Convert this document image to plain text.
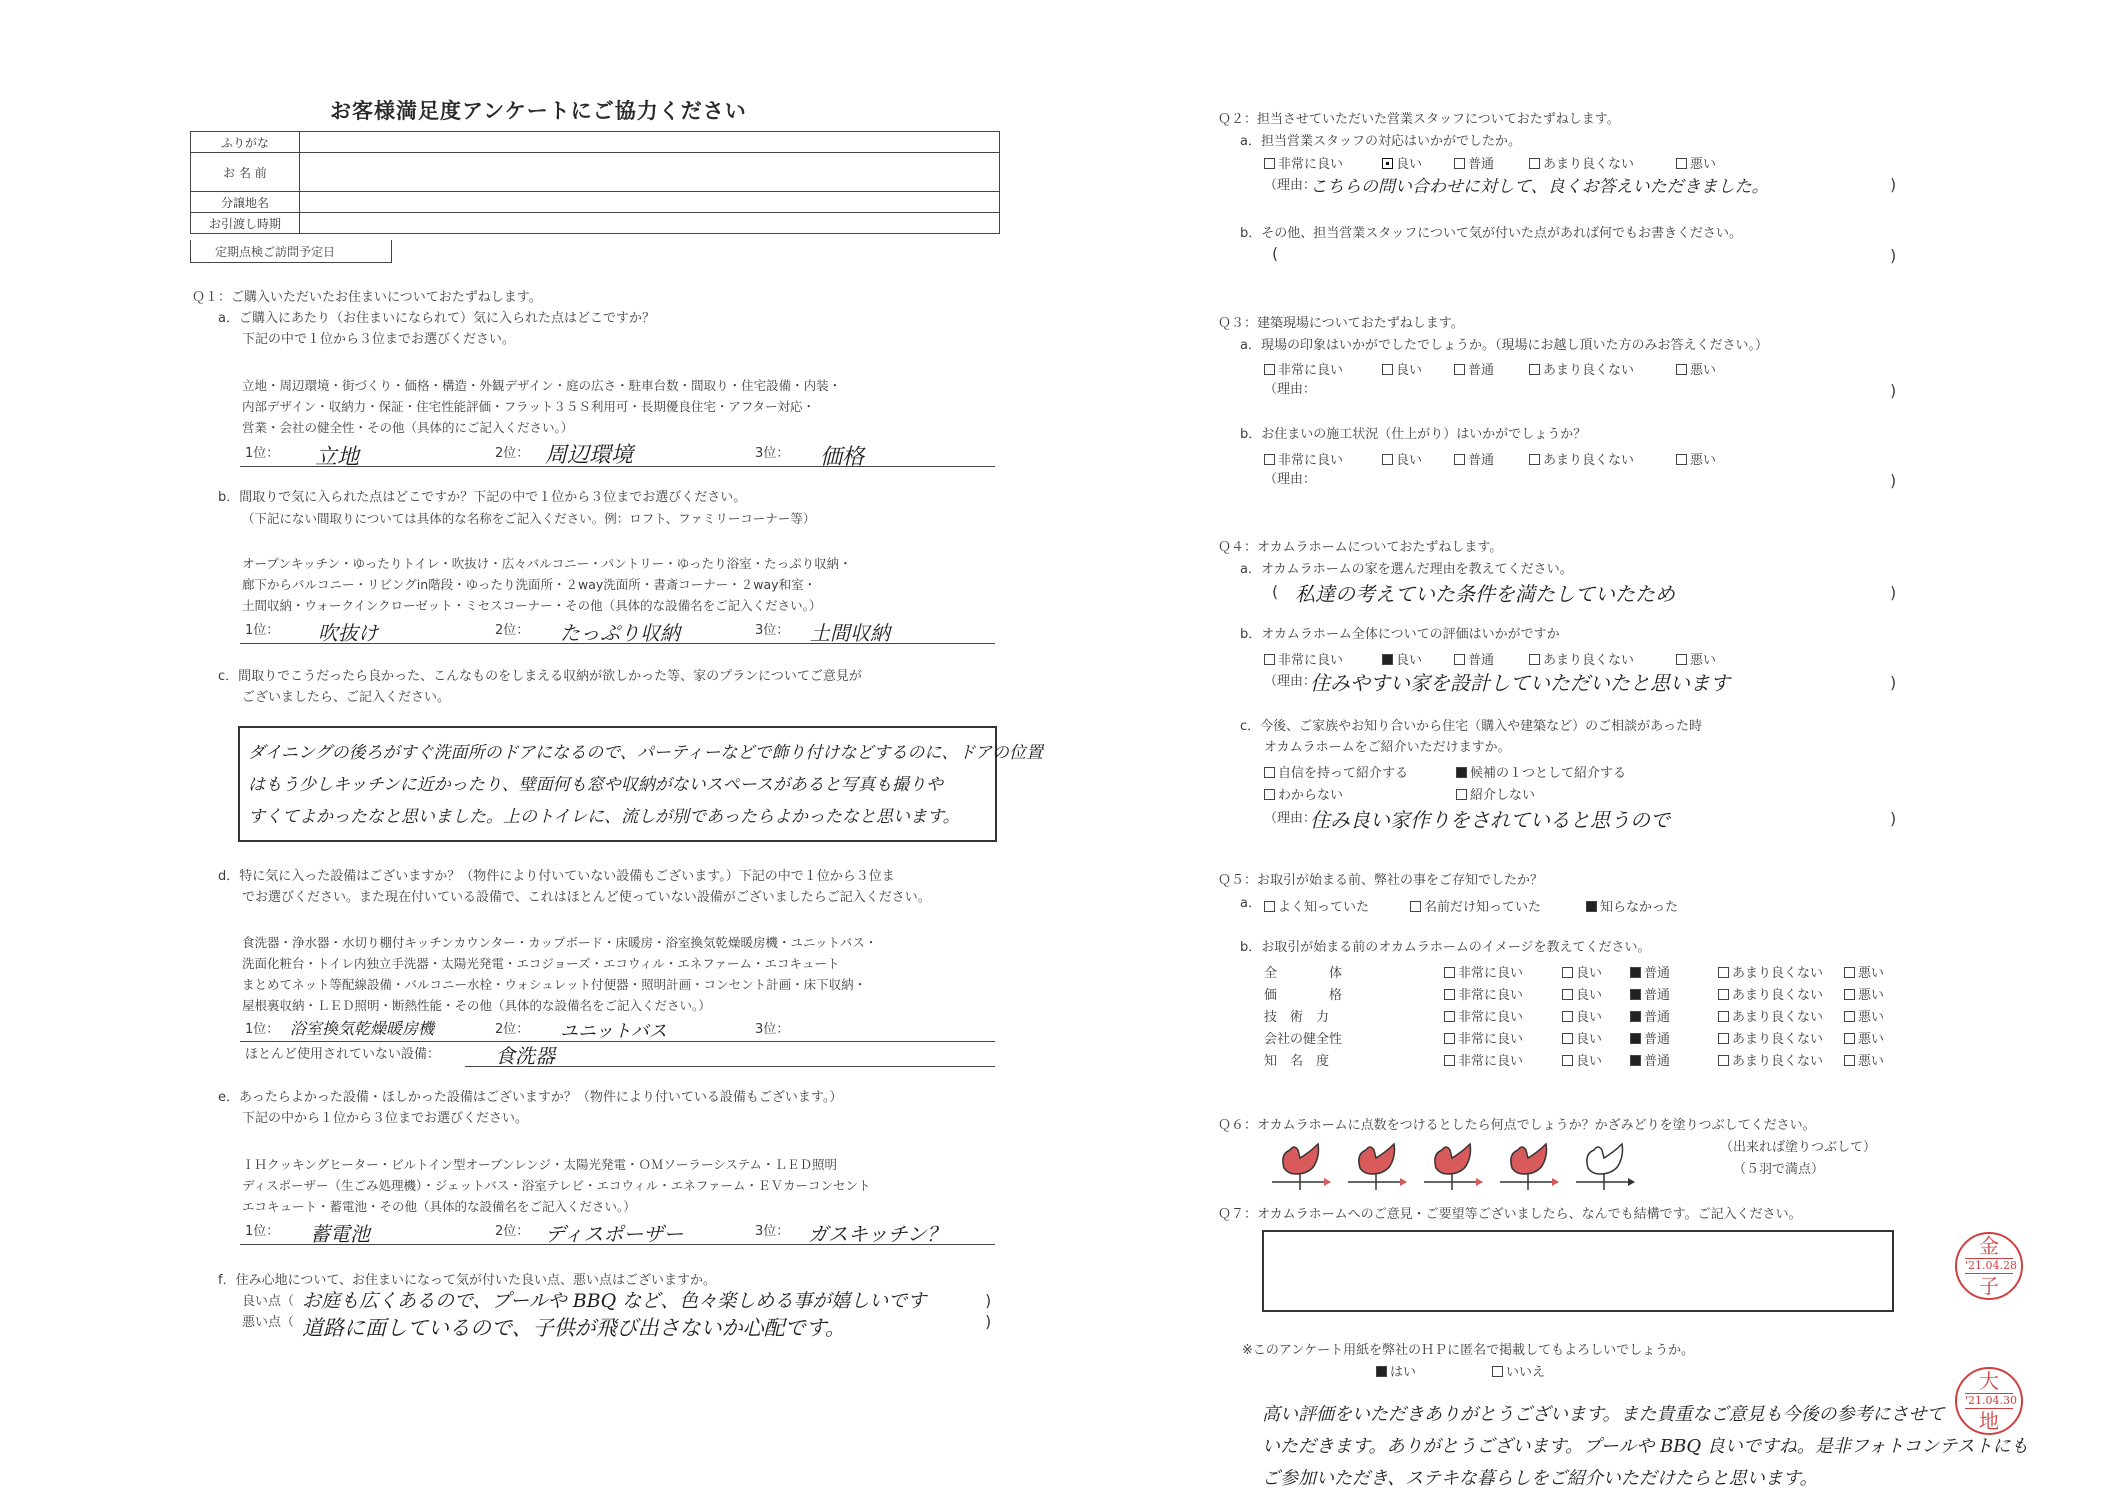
お客様満足度アンケートにご協力ください
ふりがな	
お 名 前	
分譲地名	
お引渡し時期	
定期点検ご訪問予定日
Ｑ１：ご購入いただいたお住まいについておたずねします。
a．ご購入にあたり（お住まいになられて）気に入られた点はどこですか？
下記の中で１位から３位までお選びください。
立地・周辺環境・街づくり・価格・構造・外観デザイン・庭の広さ・駐車台数・間取り・住宅設備・内装・
内部デザイン・収納力・保証・住宅性能評価・フラット３５Ｓ利用可・長期優良住宅・アフター対応・
営業・会社の健全性・その他（具体的にご記入ください。）
1位： 立地	2位： 周辺環境	3位： 価格
b．間取りで気に入られた点はどこですか？下記の中で１位から３位までお選びください。
（下記にない間取りについては具体的な名称をご記入ください。例：ロフト、ファミリーコーナー等）
オープンキッチン・ゆったりトイレ・吹抜け・広々バルコニー・パントリー・ゆったり浴室・たっぷり収納・
廊下からバルコニー・リビングin階段・ゆったり洗面所・２way洗面所・書斎コーナー・２way和室・
土間収納・ウォークインクローゼット・ミセスコーナー・その他（具体的な設備名をご記入ください。）
1位： 吹抜け	2位： たっぷり収納	3位： 土間収納
c．間取りでこうだったら良かった、こんなものをしまえる収納が欲しかった等、家のプランについてご意見が
ございましたら、ご記入ください。
ダイニングの後ろがすぐ洗面所のドアになるので、パーティーなどで飾り付けなどするのに、ドアの位置
はもう少しキッチンに近かったり、壁面何も窓や収納がないスペースがあると写真も撮りや
すくてよかったなと思いました。上のトイレに、流しが別であったらよかったなと思います。
d．特に気に入った設備はございますか？（物件により付いていない設備もございます。）下記の中で１位から３位ま
でお選びください。また現在付いている設備で、これはほとんど使っていない設備がございましたらご記入ください。
食洗器・浄水器・水切り棚付キッチンカウンター・カップボード・床暖房・浴室換気乾燥暖房機・ユニットバス・
洗面化粧台・トイレ内独立手洗器・太陽光発電・エコジョーズ・エコウィル・エネファーム・エコキュート
まとめてネット等配線設備・バルコニー水栓・ウォシュレット付便器・照明計画・コンセント計画・床下収納・
屋根裏収納・ＬＥＤ照明・断熱性能・その他（具体的な設備名をご記入ください。）
1位： 浴室換気乾燥暖房機	2位： ユニットバス	3位：
ほとんど使用されていない設備：	食洗器
e．あったらよかった設備・ほしかった設備はございますか？（物件により付いている設備もございます。）
下記の中から１位から３位までお選びください。
ＩＨクッキングヒーター・ビルトイン型オーブンレンジ・太陽光発電・ＯＭソーラーシステム・ＬＥＤ照明
ディスポーザー（生ごみ処理機）・ジェットバス・浴室テレビ・エコウィル・エネファーム・ＥＶカーコンセント
エコキュート・蓄電池・その他（具体的な設備名をご記入ください。）
1位： 蓄電池	2位： ディスポーザー	3位： ガスキッチン？
f．住み心地について、お住まいになって気が付いた良い点、悪い点はございますか。
良い点（ お庭も広くあるので、プールや BBQ など、色々楽しめる事が嬉しいです	)
悪い点（ 道路に面しているので、子供が飛び出さないか心配です。	)
Ｑ２：担当させていただいた営業スタッフについておたずねします。
a．担当営業スタッフの対応はいかがでしたか。
非常に良い	良い	普通	あまり良くない	悪い
（理由：
こちらの問い合わせに対して、良くお答えいただきました。	)
b．その他、担当営業スタッフについて気が付いた点があれば何でもお書きください。
(	)
Ｑ３：建築現場についておたずねします。
a．現場の印象はいかがでしたでしょうか。（現場にお越し頂いた方のみお答えください。）
非常に良い	良い	普通	あまり良くない	悪い
（理由：	)
b．お住まいの施工状況（仕上がり）はいかがでしょうか？
非常に良い	良い	普通	あまり良くない	悪い
（理由：	)
Ｑ４：オカムラホームについておたずねします。
a．オカムラホームの家を選んだ理由を教えてください。
( 私達の考えていた条件を満たしていたため	)
b．オカムラホーム全体についての評価はいかがですか
非常に良い	良い	普通	あまり良くない	悪い
（理由：
住みやすい家を設計していただいたと思います	)
c．今後、ご家族やお知り合いから住宅（購入や建築など）のご相談があった時
オカムラホームをご紹介いただけますか。
自信を持って紹介する	候補の１つとして紹介する
わからない	紹介しない
（理由：
住み良い家作りをされていると思うので	)
Ｑ５：お取引が始まる前、弊社の事をご存知でしたか？
a．	よく知っていた	名前だけ知っていた	知らなかった
b．お取引が始まる前のオカムラホームのイメージを教えてください。
全　　　　体	非常に良い	良い	普通	あまり良くない	悪い
価　　　　格	非常に良い	良い	普通	あまり良くない	悪い
技　術　力	非常に良い	良い	普通	あまり良くない	悪い
会社の健全性	非常に良い	良い	普通	あまり良くない	悪い
知　名　度	非常に良い	良い	普通	あまり良くない	悪い
Ｑ６：オカムラホームに点数をつけるとしたら何点でしょうか？かざみどりを塗りつぶしてください。
（出来れば塗りつぶして）
（５羽で満点）
Ｑ７：オカムラホームへのご意見・ご要望等ございましたら、なんでも結構です。ご記入ください。
※このアンケート用紙を弊社のＨＰに匿名で掲載してもよろしいでしょうか。
はい	いいえ
高い評価をいただきありがとうございます。また貴重なご意見も今後の参考にさせて
いただきます。ありがとうございます。プールや BBQ 良いですね。是非フォトコンテストにも
ご参加いただき、ステキな暮らしをご紹介いただけたらと思います。
金
'21.04.28
子
大
'21.04.30
地
